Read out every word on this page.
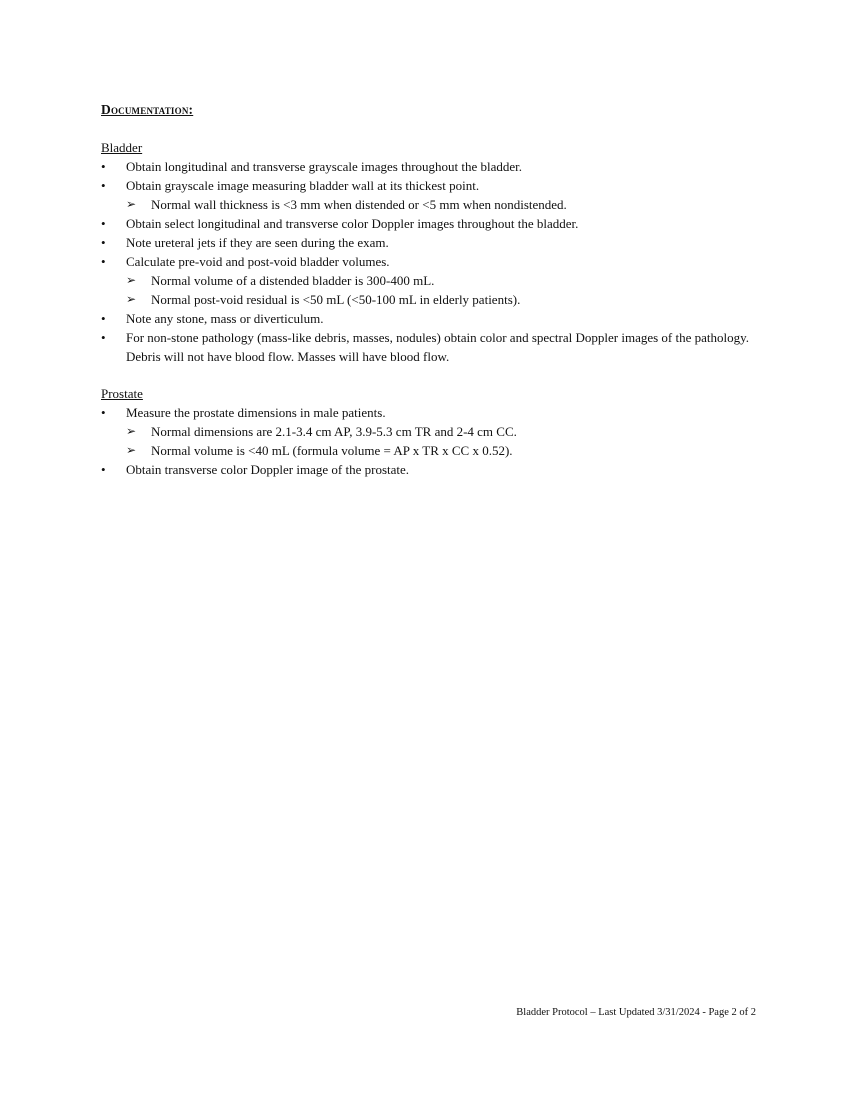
Documentation:
Bladder
• Obtain longitudinal and transverse grayscale images throughout the bladder.
• Obtain grayscale image measuring bladder wall at its thickest point.
➢ Normal wall thickness is <3 mm when distended or <5 mm when nondistended.
• Obtain select longitudinal and transverse color Doppler images throughout the bladder.
• Note ureteral jets if they are seen during the exam.
• Calculate pre-void and post-void bladder volumes.
➢ Normal volume of a distended bladder is 300-400 mL.
➢ Normal post-void residual is <50 mL (<50-100 mL in elderly patients).
• Note any stone, mass or diverticulum.
• For non-stone pathology (mass-like debris, masses, nodules) obtain color and spectral Doppler images of the pathology. Debris will not have blood flow. Masses will have blood flow.
Prostate
• Measure the prostate dimensions in male patients.
➢ Normal dimensions are 2.1-3.4 cm AP, 3.9-5.3 cm TR and 2-4 cm CC.
➢ Normal volume is <40 mL (formula volume = AP x TR x CC x 0.52).
• Obtain transverse color Doppler image of the prostate.
Bladder Protocol – Last Updated 3/31/2024 - Page 2 of 2
